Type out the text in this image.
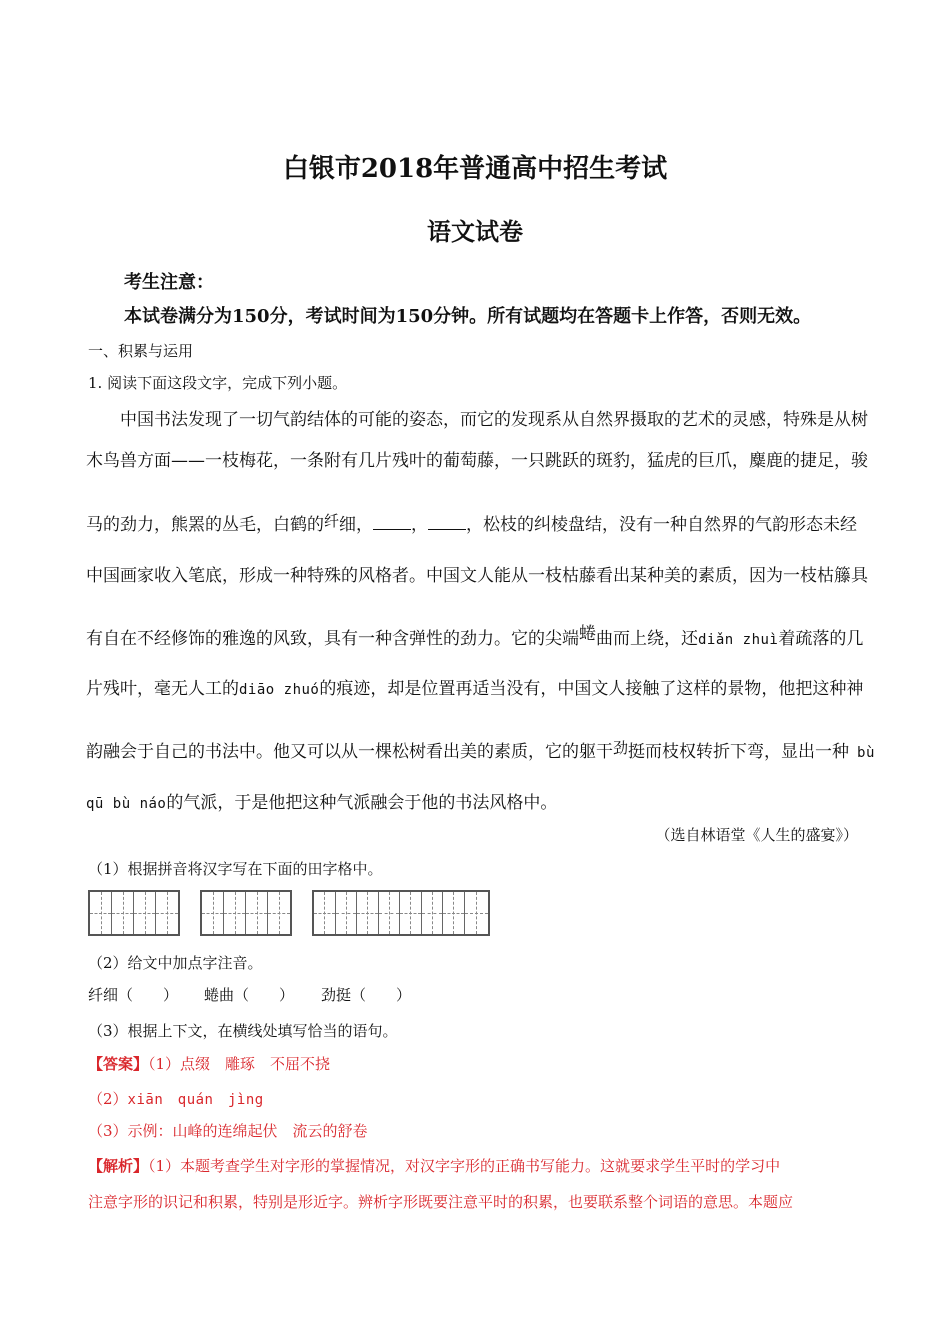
白银市2018年普通高中招生考试
语文试卷
考生注意：
本试卷满分为150分，考试时间为150分钟。所有试题均在答题卡上作答，否则无效。
一、积累与运用
1. 阅读下面这段文字，完成下列小题。
中国书法发现了一切气韵结体的可能的姿态，而它的发现系从自然界摄取的艺术的灵感，特殊是从树
木鸟兽方面——一枝梅花，一条附有几片残叶的葡萄藤，一只跳跃的斑豹，猛虎的巨爪，麋鹿的捷足，骏
马的劲力，熊罴的丛毛，白鹤的纤细， ， ，松枝的纠棱盘结，没有一种自然界的气韵形态未经
中国画家收入笔底，形成一种特殊的风格者。中国文人能从一枝枯藤看出某种美的素质，因为一枝枯籐具
有自在不经修饰的雅逸的风致，具有一种含弹性的劲力。它的尖端蜷曲而上绕，还diǎn zhuì着疏落的几
片残叶，毫无人工的diāo zhuó的痕迹，却是位置再适当没有，中国文人接触了这样的景物，他把这种神
韵融会于自己的书法中。他又可以从一棵松树看出美的素质，它的躯干劲挺而枝权转折下弯，显出一种 bù
qū bù náo的气派，于是他把这种气派融会于他的书法风格中。
（选自林语堂《人生的盛宴》）
（1）根据拼音将汉字写在下面的田字格中。
（2）给文中加点字注音。
纤细（　　） 蜷曲（　　） 劲挺（　　）
（3）根据上下文，在横线处填写恰当的语句。
【答案】（1）点缀　雕琢　不屈不挠
（2）xiān　quán　jìng
（3）示例：山峰的连绵起伏　流云的舒卷
【解析】（1）本题考查学生对字形的掌握情况，对汉字字形的正确书写能力。这就要求学生平时的学习中
注意字形的识记和积累，特别是形近字。辨析字形既要注意平时的积累，也要联系整个词语的意思。本题应
